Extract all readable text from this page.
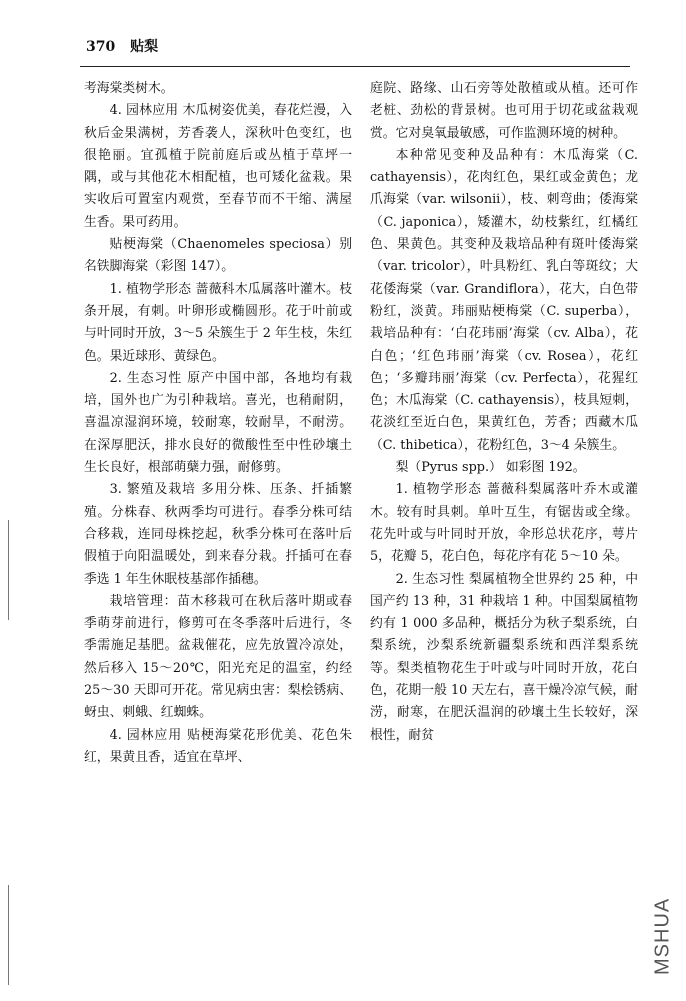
370 贴梨

考海棠类树木。

4. 园林应用 木瓜树姿优美，春花烂漫，入秋后金果满树，芳香袭人，深秋叶色变红，也很艳丽。宜孤植于院前庭后或丛植于草坪一隅，或与其他花木相配植，也可矮化盆栽。果实收后可置室内观赏，至春节而不干缩、满屋生香。果可药用。

贴梗海棠（Chaenomeles speciosa）别名铁脚海棠（彩图 147）。

1. 植物学形态 蔷薇科木瓜属落叶灌木。枝条开展，有刺。叶卵形或椭圆形。花于叶前或与叶同时开放，3～5 朵簇生于 2 年生枝，朱红色。果近球形、黄绿色。

2. 生态习性 原产中国中部，各地均有栽培，国外也广为引种栽培。喜光，也稍耐阴，喜温凉湿润环境，较耐寒，较耐旱，不耐涝。在深厚肥沃，排水良好的微酸性至中性砂壤土生长良好，根部萌蘖力强，耐修剪。

3. 繁殖及栽培 多用分株、压条、扦插繁殖。分株春、秋两季均可进行。春季分株可结合移栽，连同母株挖起，秋季分株可在落叶后假植于向阳温暖处，到来春分栽。扦插可在春季选 1 年生休眠枝基部作插穗。

栽培管理：苗木移栽可在秋后落叶期或春季萌芽前进行，修剪可在冬季落叶后进行，冬季需施足基肥。盆栽催花，应先放置冷凉处，然后移入 15～20℃，阳光充足的温室，约经 25～30 天即可开花。常见病虫害：梨桧锈病、蚜虫、刺蛾、红蜘蛛。

4. 园林应用 贴梗海棠花形优美、花色朱红，果黄且香，适宜在草坪、

庭院、路缘、山石旁等处散植或从植。还可作老桩、劲松的背景树。也可用于切花或盆栽观赏。它对臭氧最敏感，可作监测环境的树种。

本种常见变种及品种有：木瓜海棠（C. cathayensis），花肉红色，果红或金黄色；龙爪海棠（var. wilsonii），枝、刺弯曲；倭海棠（C. japonica），矮灌木，幼枝紫红，红橘红色、果黄色。其变种及栽培品种有斑叶倭海棠（var. tricolor），叶具粉红、乳白等斑纹；大花倭海棠（var. Grandiflora），花大，白色带粉红，淡黄。玮丽贴梗梅棠（C. superba），栽培品种有：‘白花玮丽’海棠（cv. Alba），花白色；‘红色玮丽’海棠（cv. Rosea），花红色；‘多瓣玮丽’海棠（cv. Perfecta），花猩红色；木瓜海棠（C. cathayensis），枝具短刺，花淡红至近白色，果黄红色，芳香；西藏木瓜（C. thibetica），花粉红色，3～4 朵簇生。

梨（Pyrus spp.） 如彩图 192。

1. 植物学形态 蔷薇科梨属落叶乔木或灌木。较有时具刺。单叶互生，有锯齿或全缘。花先叶或与叶同时开放，伞形总状花序，萼片 5，花瓣 5，花白色，每花序有花 5～10 朵。

2. 生态习性 梨属植物全世界约 25 种，中国产约 13 种，31 种栽培 1 种。中国梨属植物约有 1 000 多品种，概括分为秋子梨系统，白梨系统，沙梨系统新疆梨系统和西洋梨系统等。梨类植物花生于叶或与叶同时开放，花白色，花期一般 10 天左右，喜干燥冷凉气候，耐涝，耐寒，在肥沃温润的砂壤土生长较好，深根性，耐贫

MSHUA
